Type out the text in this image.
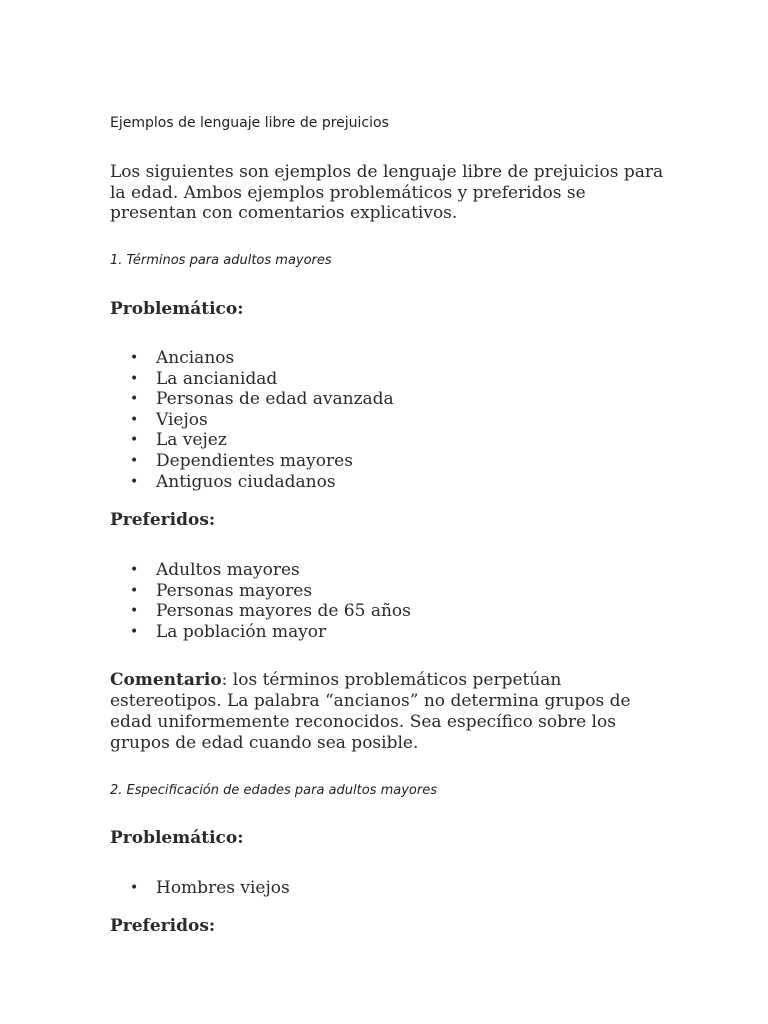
Ejemplos de lenguaje libre de prejuicios
Los siguientes son ejemplos de lenguaje libre de prejuicios para la edad. Ambos ejemplos problemáticos y preferidos se presentan con comentarios explicativos.
1. Términos para adultos mayores
Problemático:
• Ancianos
• La ancianidad
• Personas de edad avanzada
• Viejos
• La vejez
• Dependientes mayores
• Antiguos ciudadanos
Preferidos:
• Adultos mayores
• Personas mayores
• Personas mayores de 65 años
• La población mayor
Comentario: los términos problemáticos perpetúan estereotipos. La palabra “ancianos” no determina grupos de edad uniformemente reconocidos. Sea específico sobre los grupos de edad cuando sea posible.
2. Especificación de edades para adultos mayores
Problemático:
• Hombres viejos
Preferidos:
